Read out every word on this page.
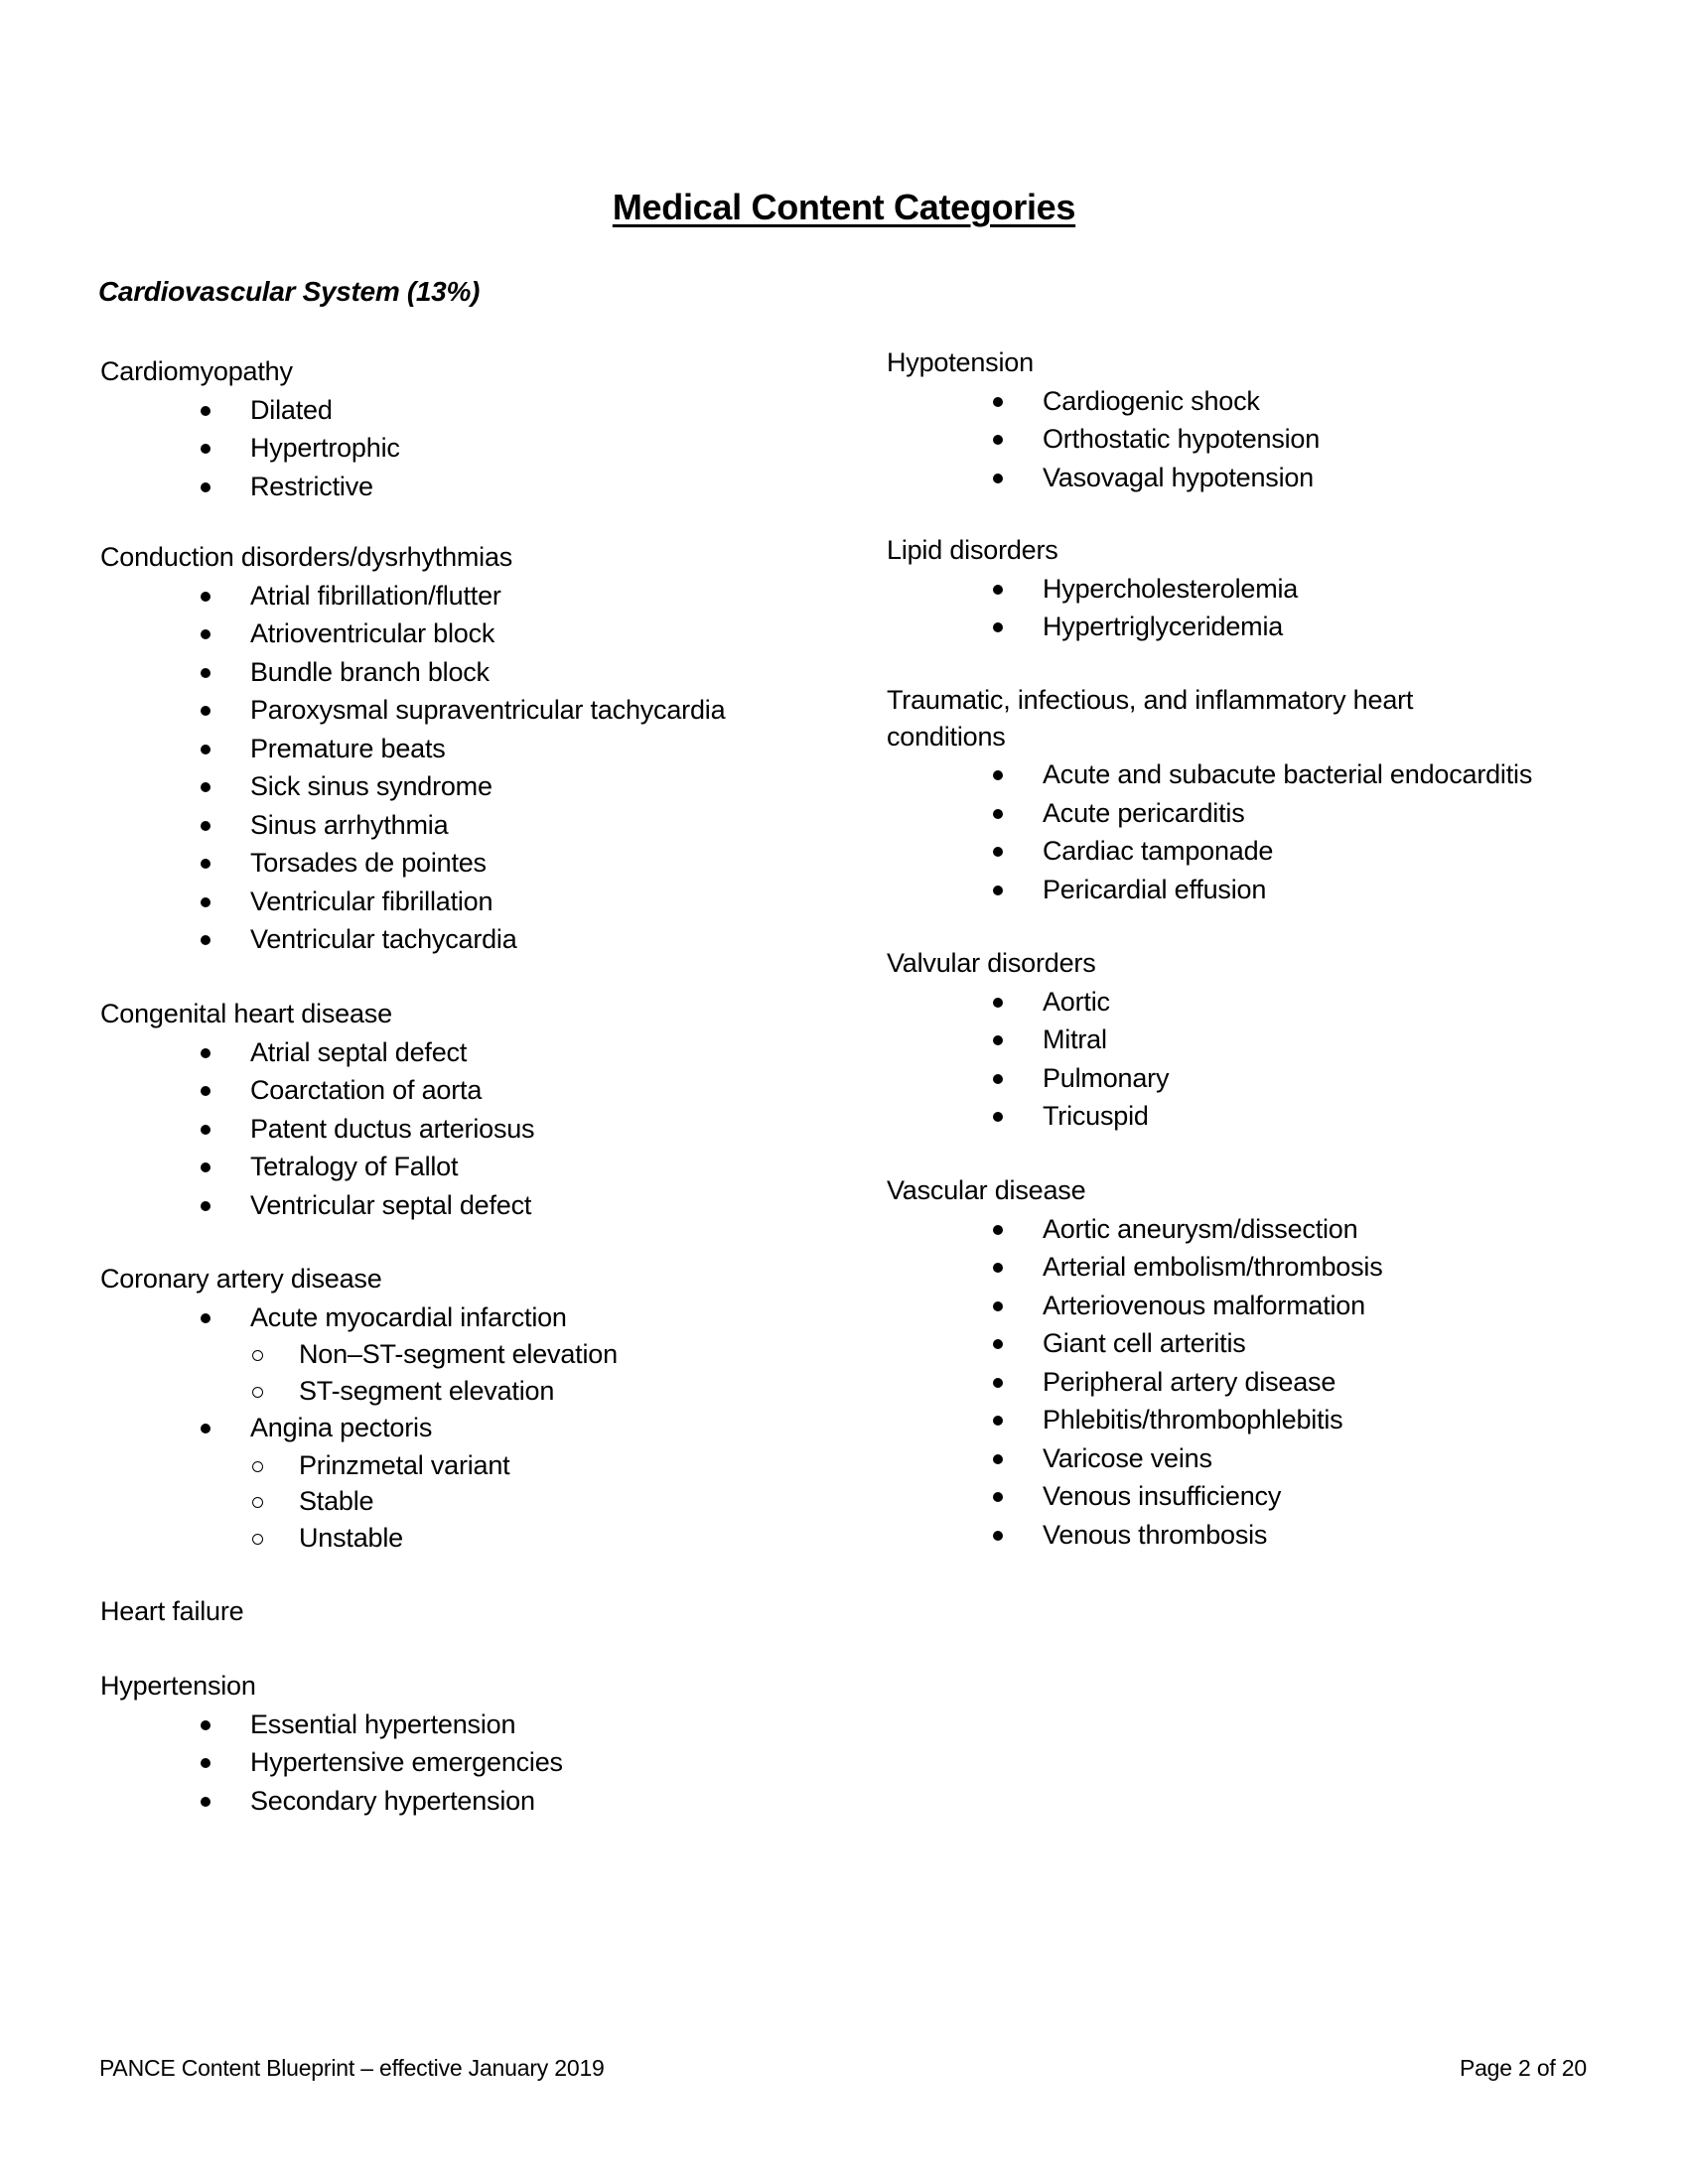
Medical Content Categories
Cardiovascular System (13%)
Cardiomyopathy
Dilated
Hypertrophic
Restrictive
Conduction disorders/dysrhythmias
Atrial fibrillation/flutter
Atrioventricular block
Bundle branch block
Paroxysmal supraventricular tachycardia
Premature beats
Sick sinus syndrome
Sinus arrhythmia
Torsades de pointes
Ventricular fibrillation
Ventricular tachycardia
Congenital heart disease
Atrial septal defect
Coarctation of aorta
Patent ductus arteriosus
Tetralogy of Fallot
Ventricular septal defect
Coronary artery disease
Acute myocardial infarction
Non–ST-segment elevation
ST-segment elevation
Angina pectoris
Prinzmetal variant
Stable
Unstable
Heart failure
Hypertension
Essential hypertension
Hypertensive emergencies
Secondary hypertension
Hypotension
Cardiogenic shock
Orthostatic hypotension
Vasovagal hypotension
Lipid disorders
Hypercholesterolemia
Hypertriglyceridemia
Traumatic, infectious, and inflammatory heart conditions
Acute and subacute bacterial endocarditis
Acute pericarditis
Cardiac tamponade
Pericardial effusion
Valvular disorders
Aortic
Mitral
Pulmonary
Tricuspid
Vascular disease
Aortic aneurysm/dissection
Arterial embolism/thrombosis
Arteriovenous malformation
Giant cell arteritis
Peripheral artery disease
Phlebitis/thrombophlebitis
Varicose veins
Venous insufficiency
Venous thrombosis
PANCE Content Blueprint – effective January 2019	Page 2 of 20
